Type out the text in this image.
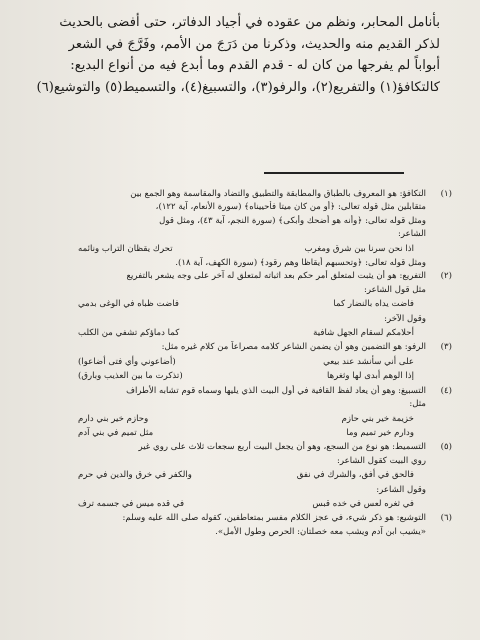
بأنامل المحابر، ونظم من عقوده في أجياد الدفاتر، حتى أفضى بالحديث

لذكر القديم منه والحديث، وذكرنا من دَرَجَ من الأمم، وفَرَّجَ في الشعر

أبواباً لم يفرجها من كان له - قدم القدم وما أبدع فيه من أنواع البديع:

كالتكافؤ(١) والتفريع(٢)، والرفو(٣)، والتسبيغ(٤)، والتسميط(٥) والتوشيع(٦)

(١)

التكافؤ: هو المعروف بالطباق والمطابقة والتطبيق والتضاد والمقاسمة وهو الجمع بين

متقابلين مثل قوله تعالى: ﴿أو من كان ميتا فأحييناه﴾ (سورة الأنعام، آية ١٢٢)،

ومثل قوله تعالى: ﴿وأنه هو أضحك وأبكى﴾ (سورة النجم، آية ٤٣)، ومثل قول

الشاعر:

اذا نحن سرنا بين شرق ومغرب
تحرك يقظان التراب ونائمه

ومثل قوله تعالى: ﴿وتحسبهم أيقاظا وهم رقود﴾ (سورة الكهف، آية ١٨).

(٢)

التفريع: هو أن يثبت لمتعلق أمر حكم بعد اثباته لمتعلق له آخر على وجه يشعر بالتفريع

مثل قول الشاعر:

فاضت يداه بالنضار كما
فاضت ظباه في الوغى بدمي

وقول الآخر:

أحلامكم لسقام الجهل شافية
كما دماؤكم تشفي من الكلب
(٣)

الرفو: هو التضمين وهو أن يضمن الشاعر كلامه مصراعاً من كلام غيره مثل:

على أني سأنشد عند بيعي
(أضاعوني وأي فتى أضاعوا)
إذا الوهم أبدى لها وثغرها
(تذكرت ما بين العذيب وبارق)
(٤)

التسبيغ: وهو أن يعاد لفظ القافية في أول البيت الذي يليها وسماه قوم تشابه الأطراف

مثل:

خزيمة خير بني حازم
وحازم خير بني دارم
ودارم خير تميم وما
مثل تميم في بني آدم
(٥)

التسميط: هو نوع من السجع، وهو أن يجعل البيت أربع سجعات ثلاث على روي غير

روي البيت كقول الشاعر:

فالحق في أفق، والشرك في نفق
والكفر في خرق والدين في حرم

وقول الشاعر:

في ثغره لعس في خده قبس
في قده ميس في جسمه ترف
(٦)

التوشيع: هو ذكر شيء، في عجز الكلام مفسر بمتعاطفين، كقوله صلى الله عليه وسلم:

«يشيب ابن آدم ويشب معه خصلتان: الحرص وطول الأمل».
